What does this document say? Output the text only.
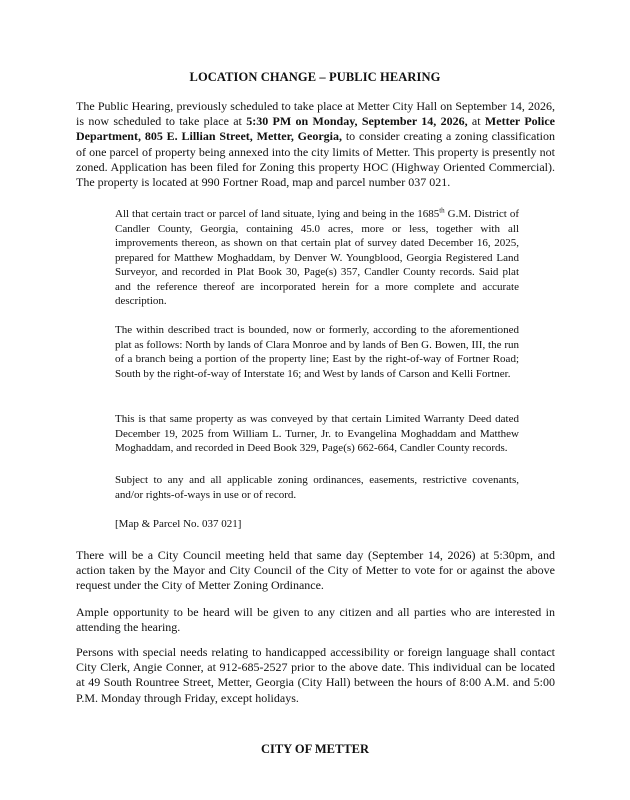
LOCATION CHANGE – PUBLIC HEARING

The Public Hearing, previously scheduled to take place at Metter City Hall on September 14, 2026, is now scheduled to take place at 5:30 PM on Monday, September 14, 2026, at Metter Police Department, 805 E. Lillian Street, Metter, Georgia, to consider creating a zoning classification of one parcel of property being annexed into the city limits of Metter. This property is presently not zoned. Application has been filed for Zoning this property HOC (Highway Oriented Commercial). The property is located at 990 Fortner Road, map and parcel number 037 021.

All that certain tract or parcel of land situate, lying and being in the 1685th G.M. District of Candler County, Georgia, containing 45.0 acres, more or less, together with all improvements thereon, as shown on that certain plat of survey dated December 16, 2025, prepared for Matthew Moghaddam, by Denver W. Youngblood, Georgia Registered Land Surveyor, and recorded in Plat Book 30, Page(s) 357, Candler County records. Said plat and the reference thereof are incorporated herein for a more complete and accurate description.

The within described tract is bounded, now or formerly, according to the aforementioned plat as follows: North by lands of Clara Monroe and by lands of Ben G. Bowen, III, the run of a branch being a portion of the property line; East by the right-of-way of Fortner Road; South by the right-of-way of Interstate 16; and West by lands of Carson and Kelli Fortner.

This is that same property as was conveyed by that certain Limited Warranty Deed dated December 19, 2025 from William L. Turner, Jr. to Evangelina Moghaddam and Matthew Moghaddam, and recorded in Deed Book 329, Page(s) 662-664, Candler County records.

Subject to any and all applicable zoning ordinances, easements, restrictive covenants, and/or rights-of-ways in use or of record.

[Map & Parcel No. 037 021]

There will be a City Council meeting held that same day (September 14, 2026) at 5:30pm, and action taken by the Mayor and City Council of the City of Metter to vote for or against the above request under the City of Metter Zoning Ordinance.

Ample opportunity to be heard will be given to any citizen and all parties who are interested in attending the hearing.

Persons with special needs relating to handicapped accessibility or foreign language shall contact City Clerk, Angie Conner, at 912-685-2527 prior to the above date. This individual can be located at 49 South Rountree Street, Metter, Georgia (City Hall) between the hours of 8:00 A.M. and 5:00 P.M. Monday through Friday, except holidays.

CITY OF METTER
